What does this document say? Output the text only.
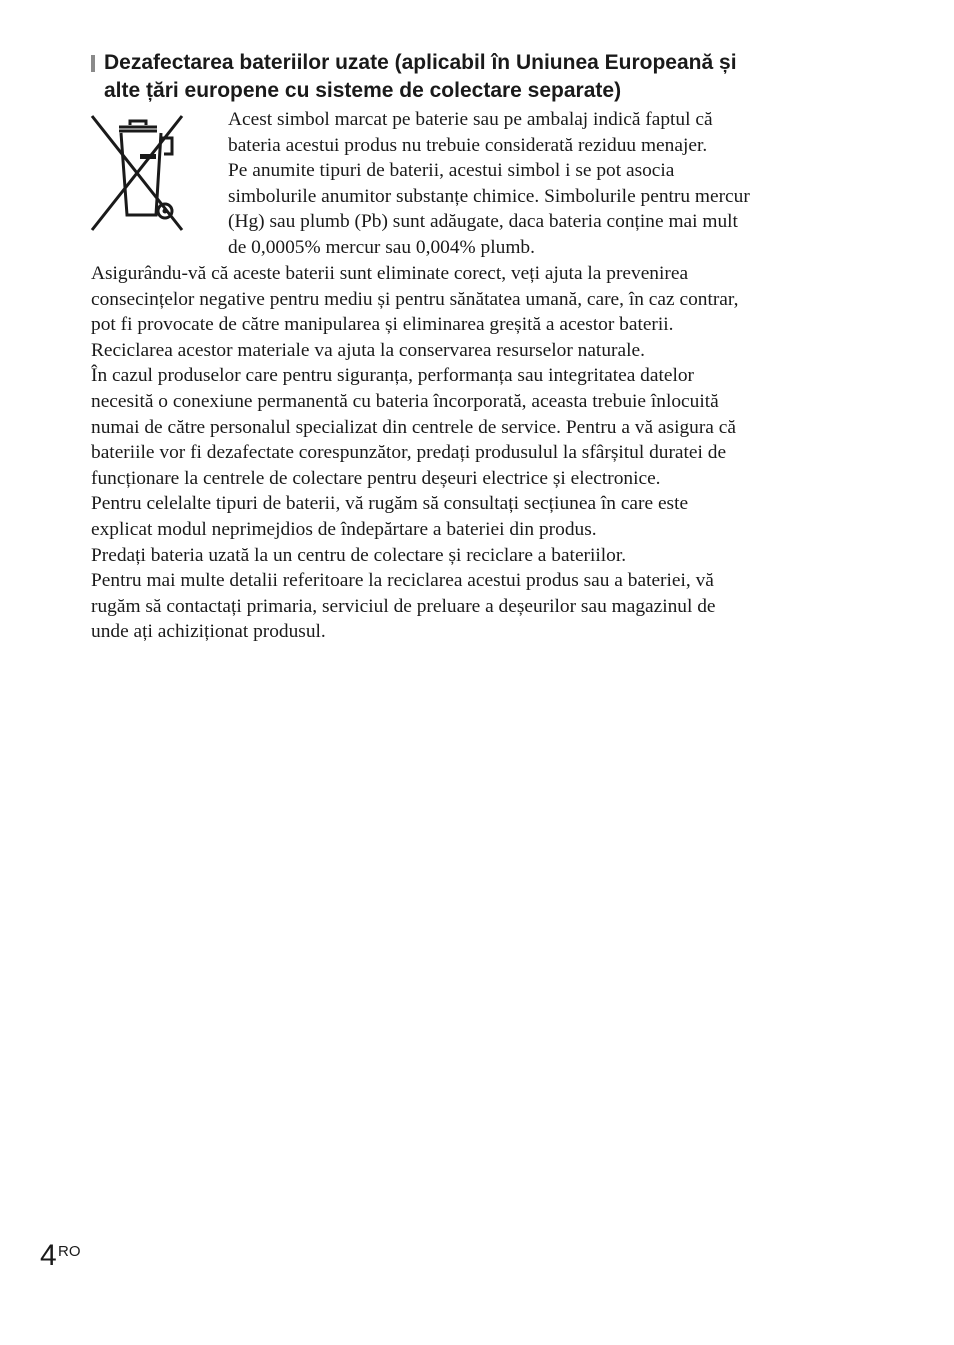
Dezafectarea bateriilor uzate (aplicabil în Uniunea Europeană și
alte țări europene cu sisteme de colectare separate)
Acest simbol marcat pe baterie sau pe ambalaj indică faptul că
bateria acestui produs nu trebuie considerată reziduu menajer.
Pe anumite tipuri de baterii, acestui simbol i se pot asocia
simbolurile anumitor substanțe chimice. Simbolurile pentru mercur
(Hg) sau plumb (Pb) sunt adăugate, daca bateria conține mai mult
de 0,0005% mercur sau 0,004% plumb.
Asigurându-vă că aceste baterii sunt eliminate corect, veți ajuta la prevenirea
consecințelor negative pentru mediu și pentru sănătatea umană, care, în caz contrar,
pot fi provocate de către manipularea și eliminarea greșită a acestor baterii.
Reciclarea acestor materiale va ajuta la conservarea resurselor naturale.
În cazul produselor care pentru siguranța, performanța sau integritatea datelor
necesită o conexiune permanentă cu bateria încorporată, aceasta trebuie înlocuită
numai de către personalul specializat din centrele de service. Pentru a vă asigura că
bateriile vor fi dezafectate corespunzător, predați produsulul la sfârșitul duratei de
funcționare la centrele de colectare pentru deșeuri electrice și electronice.
Pentru celelalte tipuri de baterii, vă rugăm să consultați secțiunea în care este
explicat modul neprimejdios de îndepărtare a bateriei din produs.
Predați bateria uzată la un centru de colectare și reciclare a bateriilor.
Pentru mai multe detalii referitoare la reciclarea acestui produs sau a bateriei, vă
rugăm să contactați primaria, serviciul de preluare a deșeurilor sau magazinul de
unde ați achiziționat produsul.
4 RO
